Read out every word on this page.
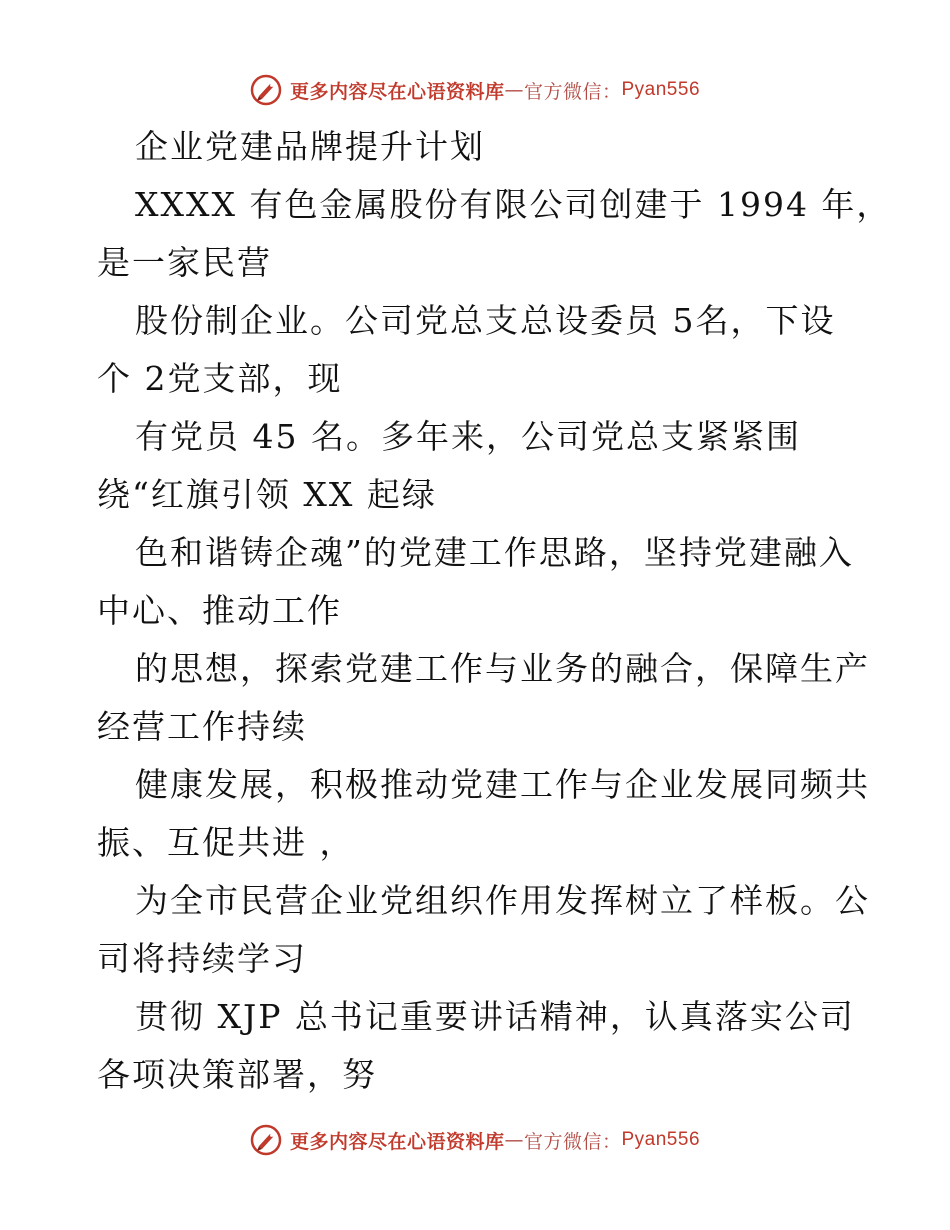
更多内容尽在心语资料库 — 官方微信： Pyan556
企业党建品牌提升计划
XXXX 有色金属股份有限公司创建于 1994 年，
是一家民营
股份制企业。公司党总支总设委员 5名，下设
个 2党支部，现
有党员 45 名。多年来，公司党总支紧紧围
绕“红旗引领 XX 起绿
色和谐铸企魂”的党建工作思路，坚持党建融入
中心、推动工作
的思想，探索党建工作与业务的融合，保障生产
经营工作持续
健康发展，积极推动党建工作与企业发展同频共
振、互促共进 ，
为全市民营企业党组织作用发挥树立了样板。公
司将持续学习
贯彻 XJP 总书记重要讲话精神，认真落实公司
各项决策部署，努
更多内容尽在心语资料库 — 官方微信： Pyan556
